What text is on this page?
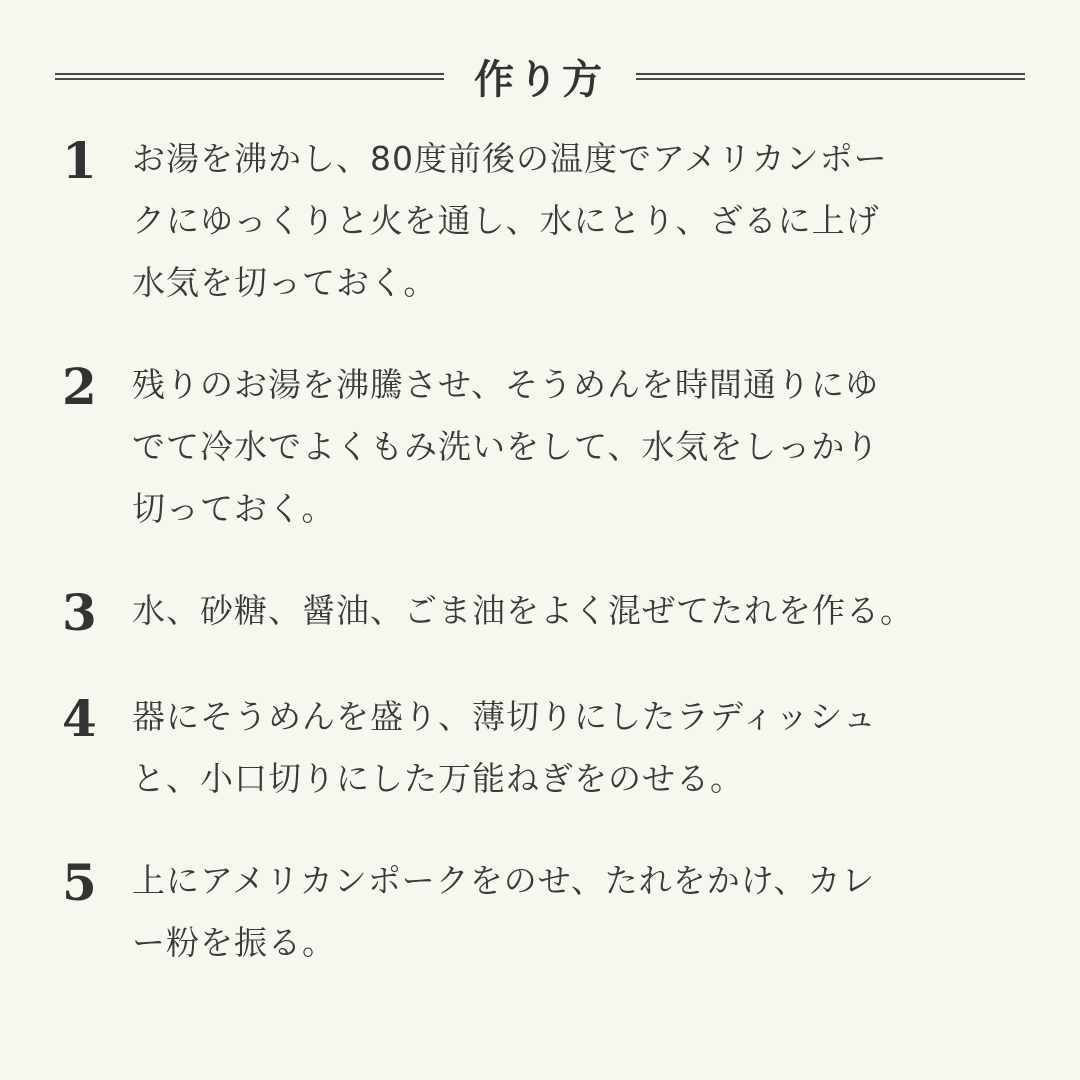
作り方
1	お湯を沸かし、80度前後の温度でアメリカンポー
クにゆっくりと火を通し、水にとり、ざるに上げ
水気を切っておく。
2	残りのお湯を沸騰させ、そうめんを時間通りにゆ
でて冷水でよくもみ洗いをして、水気をしっかり
切っておく。
3	水、砂糖、醤油、ごま油をよく混ぜてたれを作る。
4	器にそうめんを盛り、薄切りにしたラディッシュ
と、小口切りにした万能ねぎをのせる。
5	上にアメリカンポークをのせ、たれをかけ、カレ
ー粉を振る。
